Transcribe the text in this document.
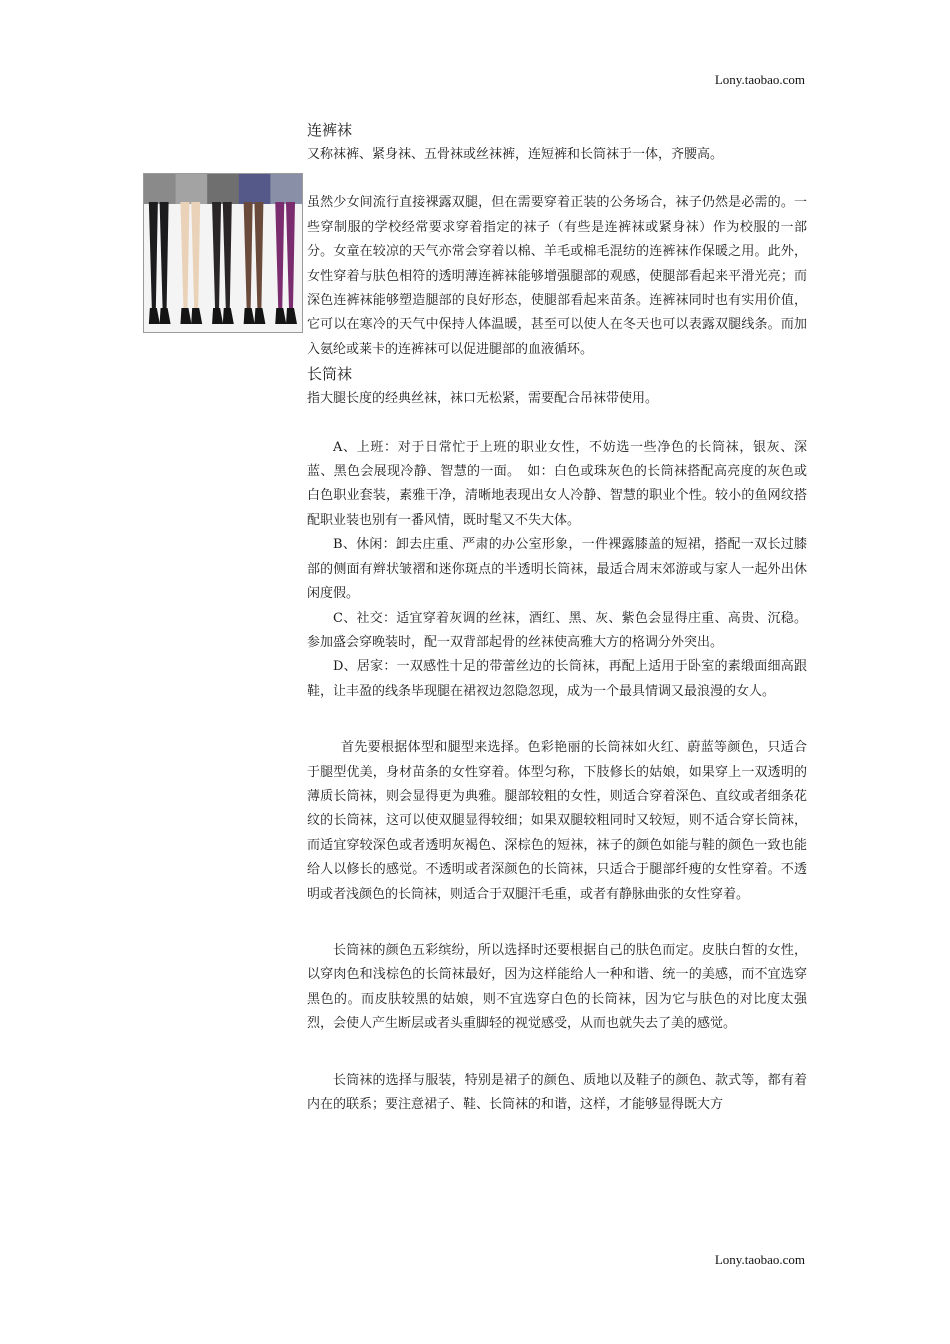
Lony.taobao.com

连裤袜

又称袜裤、紧身袜、五骨袜或丝袜裤，连短裤和长筒袜于一体，齐腰高。

虽然少女间流行直接裸露双腿，但在需要穿着正装的公务场合，袜子仍然是必需的。一些穿制服的学校经常要求穿着指定的袜子（有些是连裤袜或紧身袜）作为校服的一部分。女童在较凉的天气亦常会穿着以棉、羊毛或棉毛混纺的连裤袜作保暖之用。此外，女性穿着与肤色相符的透明薄连裤袜能够增强腿部的观感，使腿部看起来平滑光亮；而深色连裤袜能够塑造腿部的良好形态，使腿部看起来苗条。连裤袜同时也有实用价值，它可以在寒冷的天气中保持人体温暖，甚至可以使人在冬天也可以表露双腿线条。而加入氨纶或莱卡的连裤袜可以促进腿部的血液循环。

长筒袜

指大腿长度的经典丝袜，袜口无松紧，需要配合吊袜带使用。

A、上班：对于日常忙于上班的职业女性，不妨选一些净色的长筒袜，银灰、深蓝、黑色会展现冷静、智慧的一面。　如：白色或珠灰色的长筒袜搭配高亮度的灰色或白色职业套装，素雅干净，清晰地表现出女人冷静、智慧的职业个性。较小的鱼网纹搭配职业装也别有一番风情，既时髦又不失大体。

B、休闲：卸去庄重、严肃的办公室形象，一件裸露膝盖的短裙，搭配一双长过膝部的侧面有辫状皱褶和迷你斑点的半透明长筒袜，最适合周末郊游或与家人一起外出休闲度假。

C、社交：适宜穿着灰调的丝袜，酒红、黑、灰、紫色会显得庄重、高贵、沉稳。参加盛会穿晚装时，配一双背部起骨的丝袜使高雅大方的格调分外突出。

D、居家：一双感性十足的带蕾丝边的长筒袜，再配上适用于卧室的素缎面细高跟鞋，让丰盈的线条毕现腿在裙衩边忽隐忽现，成为一个最具情调又最浪漫的女人。

首先要根据体型和腿型来选择。色彩艳丽的长筒袜如火红、蔚蓝等颜色，只适合于腿型优美，身材苗条的女性穿着。体型匀称，下肢修长的姑娘，如果穿上一双透明的薄质长筒袜，则会显得更为典雅。腿部较粗的女性，则适合穿着深色、直纹或者细条花纹的长筒袜，这可以使双腿显得较细；如果双腿较粗同时又较短，则不适合穿长筒袜，而适宜穿较深色或者透明灰褐色、深棕色的短袜，袜子的颜色如能与鞋的颜色一致也能给人以修长的感觉。不透明或者深颜色的长筒袜，只适合于腿部纤瘦的女性穿着。不透明或者浅颜色的长筒袜，则适合于双腿汗毛重，或者有静脉曲张的女性穿着。

长筒袜的颜色五彩缤纷，所以选择时还要根据自己的肤色而定。皮肤白皙的女性，以穿肉色和浅棕色的长筒袜最好，因为这样能给人一种和谐、统一的美感，而不宜选穿黑色的。而皮肤较黑的姑娘，则不宜选穿白色的长筒袜，因为它与肤色的对比度太强烈，会使人产生断层或者头重脚轻的视觉感受，从而也就失去了美的感觉。

长筒袜的选择与服装，特别是裙子的颜色、质地以及鞋子的颜色、款式等，都有着内在的联系；要注意裙子、鞋、长筒袜的和谐，这样，才能够显得既大方

Lony.taobao.com
